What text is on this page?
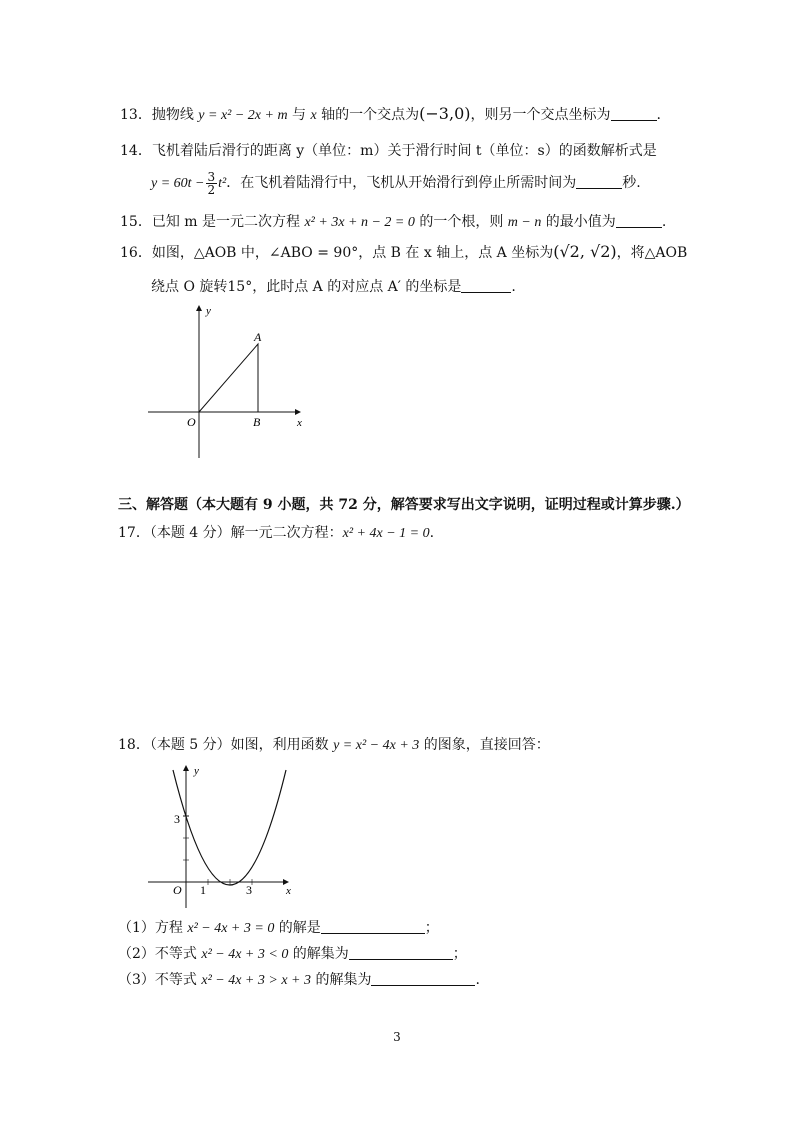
13．抛物线 y = x² − 2x + m 与 x 轴的一个交点为(−3,0)，则另一个交点坐标为	.
14．飞机着陆后滑行的距离 y（单位：m）关于滑行时间 t（单位：s）的函数解析式是
$y = 60t - \frac{3}{2} t^2$．在飞机着陆滑行中，飞机从开始滑行到停止所需时间为	秒.
15．已知 m 是一元二次方程 x² + 3x + n − 2 = 0 的一个根，则 m − n 的最小值为	.
16．如图，△AOB 中，∠ABO = 90°，点 B 在 x 轴上，点 A 坐标为(√2, √2)，将△AOB
绕点 O 旋转15°，此时点 A 的对应点 A′ 的坐标是	.
y
x
A
O	B
三、解答题（本大题有 9 小题，共 72 分，解答要求写出文字说明，证明过程或计算步骤.）
17．（本题 4 分）解一元二次方程：x² + 4x − 1 = 0.
18．（本题 5 分）如图，利用函数 y = x² − 4x + 3 的图象，直接回答：
y
x
3
O 1	3
（1）方程 x² − 4x + 3 = 0 的解是	；
（2）不等式 x² − 4x + 3 < 0 的解集为	；
（3）不等式 x² − 4x + 3 > x + 3 的解集为	.
3
